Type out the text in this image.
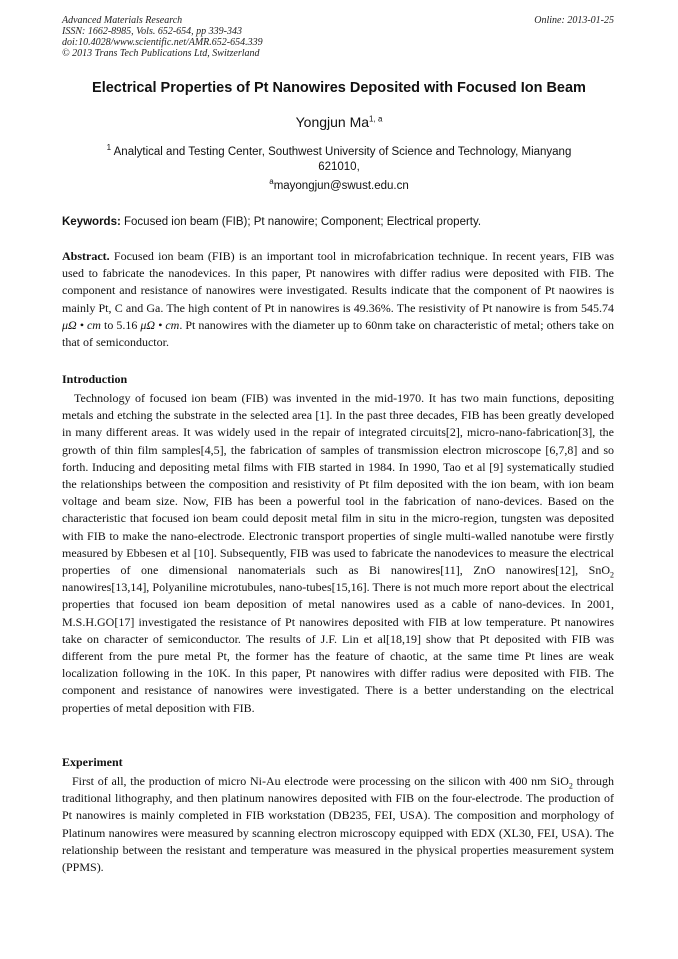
Advanced Materials Research
ISSN: 1662-8985, Vols. 652-654, pp 339-343
doi:10.4028/www.scientific.net/AMR.652-654.339
© 2013 Trans Tech Publications Ltd, Switzerland
Online: 2013-01-25
Electrical Properties of Pt Nanowires Deposited with Focused Ion Beam
Yongjun Ma$^{1, a}$
$^1$ Analytical and Testing Center, Southwest University of Science and Technology, Mianyang
621010,
$^a$mayongjun@swust.edu.cn
Keywords: Focused ion beam (FIB); Pt nanowire; Component; Electrical property.

Abstract. Focused ion beam (FIB) is an important tool in microfabrication technique. In recent years, FIB was used to fabricate the nanodevices. In this paper, Pt nanowires with differ radius were deposited with FIB. The component and resistance of nanowires were investigated. Results indicate that the component of Pt naowires is mainly Pt, C and Ga. The high content of Pt in nanowires is 49.36%. The resistivity of Pt nanowire is from 545.74 μΩ • cm to 5.16 μΩ • cm. Pt nanowires with the diameter up to 60nm take on characteristic of metal; others take on that of semiconductor.

Introduction

Technology of focused ion beam (FIB) was invented in the mid-1970. It has two main functions, depositing metals and etching the substrate in the selected area [1]. In the past three decades, FIB has been greatly developed in many different areas. It was widely used in the repair of integrated circuits[2], micro-nano-fabrication[3], the growth of thin film samples[4,5], the fabrication of samples of transmission electron microscope [6,7,8] and so forth. Inducing and depositing metal films with FIB started in 1984. In 1990, Tao et al [9] systematically studied the relationships between the composition and resistivity of Pt film deposited with the ion beam, with ion beam voltage and beam size. Now, FIB has been a powerful tool in the fabrication of nano-devices. Based on the characteristic that focused ion beam could deposit metal film in situ in the micro-region, tungsten was deposited with FIB to make the nano-electrode. Electronic transport properties of single multi-walled nanotube were firstly measured by Ebbesen et al [10]. Subsequently, FIB was used to fabricate the nanodevices to measure the electrical properties of one dimensional nanomaterials such as Bi nanowires[11], ZnO nanowires[12], SnO$_2$ nanowires[13,14], Polyaniline microtubules, nano-tubes[15,16]. There is not much more report about the electrical properties that focused ion beam deposition of metal nanowires used as a cable of nano-devices. In 2001, M.S.H.GO[17] investigated the resistance of Pt nanowires deposited with FIB at low temperature. Pt nanowires take on character of semiconductor. The results of J.F. Lin et al[18,19] show that Pt deposited with FIB was different from the pure metal Pt, the former has the feature of chaotic, at the same time Pt lines are weak localization following in the 10K. In this paper, Pt nanowires with differ radius were deposited with FIB. The component and resistance of nanowires were investigated. There is a better understanding on the electrical properties of metal deposition with FIB.

Experiment

First of all, the production of micro Ni-Au electrode were processing on the silicon with 400 nm SiO$_2$ through traditional lithography, and then platinum nanowires deposited with FIB on the four-electrode. The production of Pt nanowires is mainly completed in FIB workstation (DB235, FEI, USA). The composition and morphology of Platinum nanowires were measured by scanning electron microscopy equipped with EDX (XL30, FEI, USA). The relationship between the resistant and temperature was measured in the physical properties measurement system (PPMS).
